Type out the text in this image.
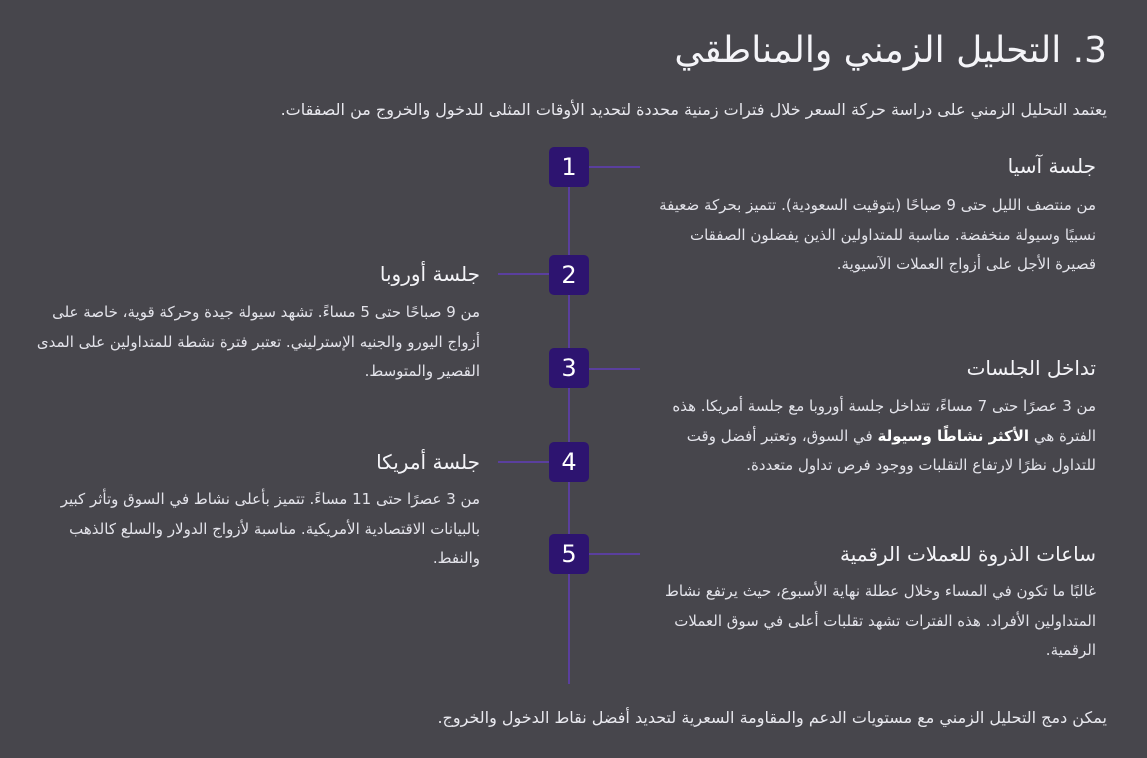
3. التحليل الزمني والمناطقي

يعتمد التحليل الزمني على دراسة حركة السعر خلال فترات زمنية محددة لتحديد الأوقات المثلى للدخول والخروج من الصفقات.

1	جلسة آسيا

من منتصف الليل حتى 9 صباحًا (بتوقيت السعودية). تتميز بحركة ضعيفة نسبيًا وسيولة منخفضة. مناسبة للمتداولين الذين يفضلون الصفقات قصيرة الأجل على أزواج العملات الآسيوية.

2
جلسة أوروبا

من 9 صباحًا حتى 5 مساءً. تشهد سيولة جيدة وحركة قوية، خاصة على أزواج اليورو والجنيه الإسترليني. تعتبر فترة نشطة للمتداولين على المدى القصير والمتوسط.	3	تداخل الجلسات

من 3 عصرًا حتى 7 مساءً، تتداخل جلسة أوروبا مع جلسة أمريكا. هذه الفترة هي الأكثر نشاطًا وسيولة في السوق، وتعتبر أفضل وقت للتداول نظرًا لارتفاع التقلبات ووجود فرص تداول متعددة.

4
جلسة أمريكا

من 3 عصرًا حتى 11 مساءً. تتميز بأعلى نشاط في السوق وتأثر كبير بالبيانات الاقتصادية الأمريكية. مناسبة لأزواج الدولار والسلع كالذهب والنفط.	5	ساعات الذروة للعملات الرقمية

غالبًا ما تكون في المساء وخلال عطلة نهاية الأسبوع، حيث يرتفع نشاط المتداولين الأفراد. هذه الفترات تشهد تقلبات أعلى في سوق العملات الرقمية.

يمكن دمج التحليل الزمني مع مستويات الدعم والمقاومة السعرية لتحديد أفضل نقاط الدخول والخروج.
